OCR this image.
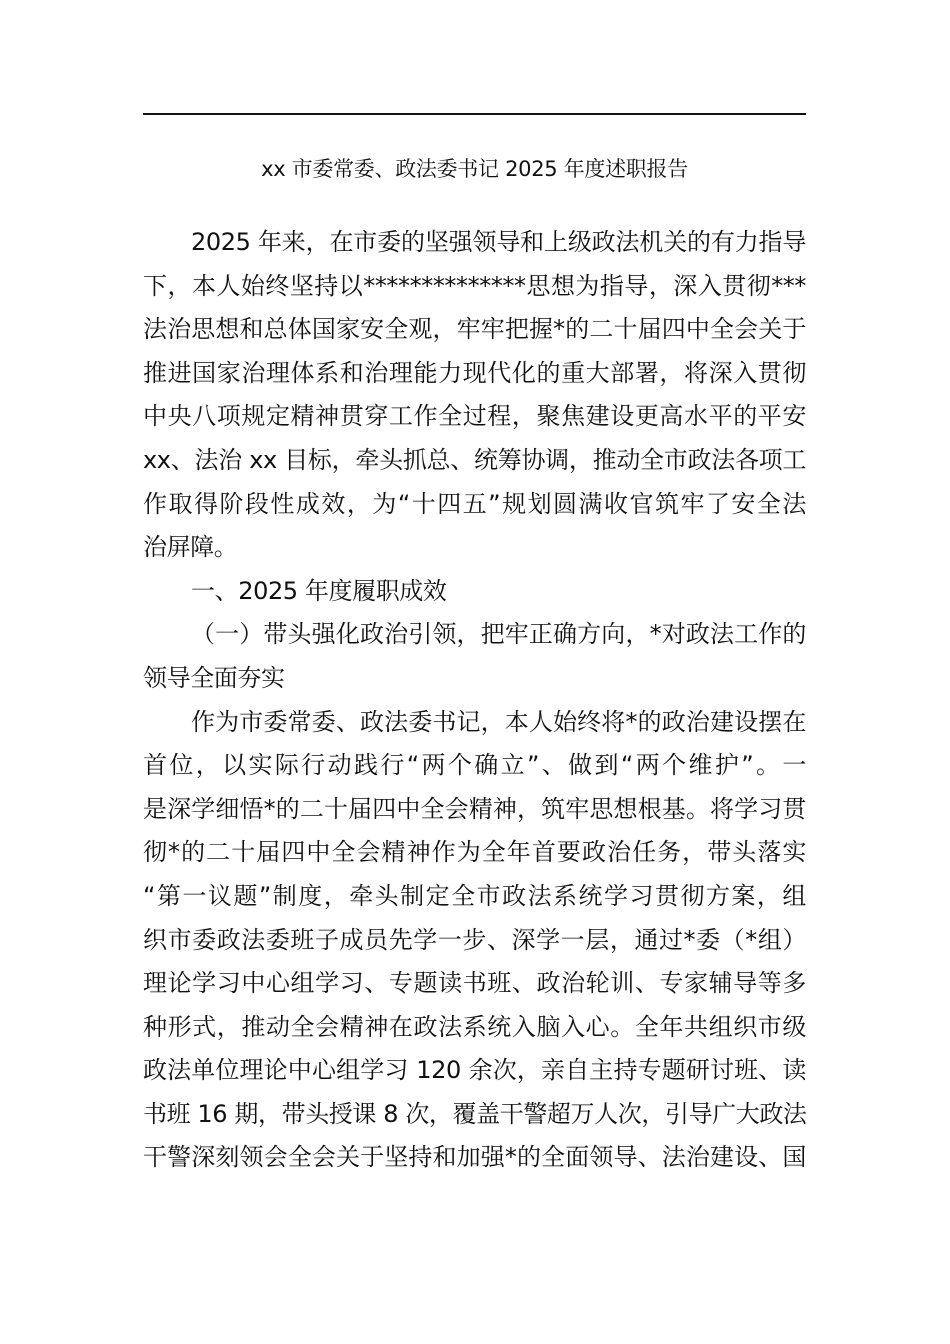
xx 市委常委、政法委书记 2025 年度述职报告
2025 年来，在市委的坚强领导和上级政法机关的有力指导
下，本人始终坚持以**************思想为指导，深入贯彻***
法治思想和总体国家安全观，牢牢把握*的二十届四中全会关于
推进国家治理体系和治理能力现代化的重大部署，将深入贯彻
中央八项规定精神贯穿工作全过程，聚焦建设更高水平的平安
xx、法治 xx 目标，牵头抓总、统筹协调，推动全市政法各项工
作取得阶段性成效，为“十四五”规划圆满收官筑牢了安全法
治屏障。
一、2025 年度履职成效
（一）带头强化政治引领，把牢正确方向，*对政法工作的
领导全面夯实
作为市委常委、政法委书记，本人始终将*的政治建设摆在
首位，以实际行动践行“两个确立”、做到“两个维护”。一
是深学细悟*的二十届四中全会精神，筑牢思想根基。将学习贯
彻*的二十届四中全会精神作为全年首要政治任务，带头落实
“第一议题”制度，牵头制定全市政法系统学习贯彻方案，组
织市委政法委班子成员先学一步、深学一层，通过*委（*组）
理论学习中心组学习、专题读书班、政治轮训、专家辅导等多
种形式，推动全会精神在政法系统入脑入心。全年共组织市级
政法单位理论中心组学习 120 余次，亲自主持专题研讨班、读
书班 16 期，带头授课 8 次，覆盖干警超万人次，引导广大政法
干警深刻领会全会关于坚持和加强*的全面领导、法治建设、国
